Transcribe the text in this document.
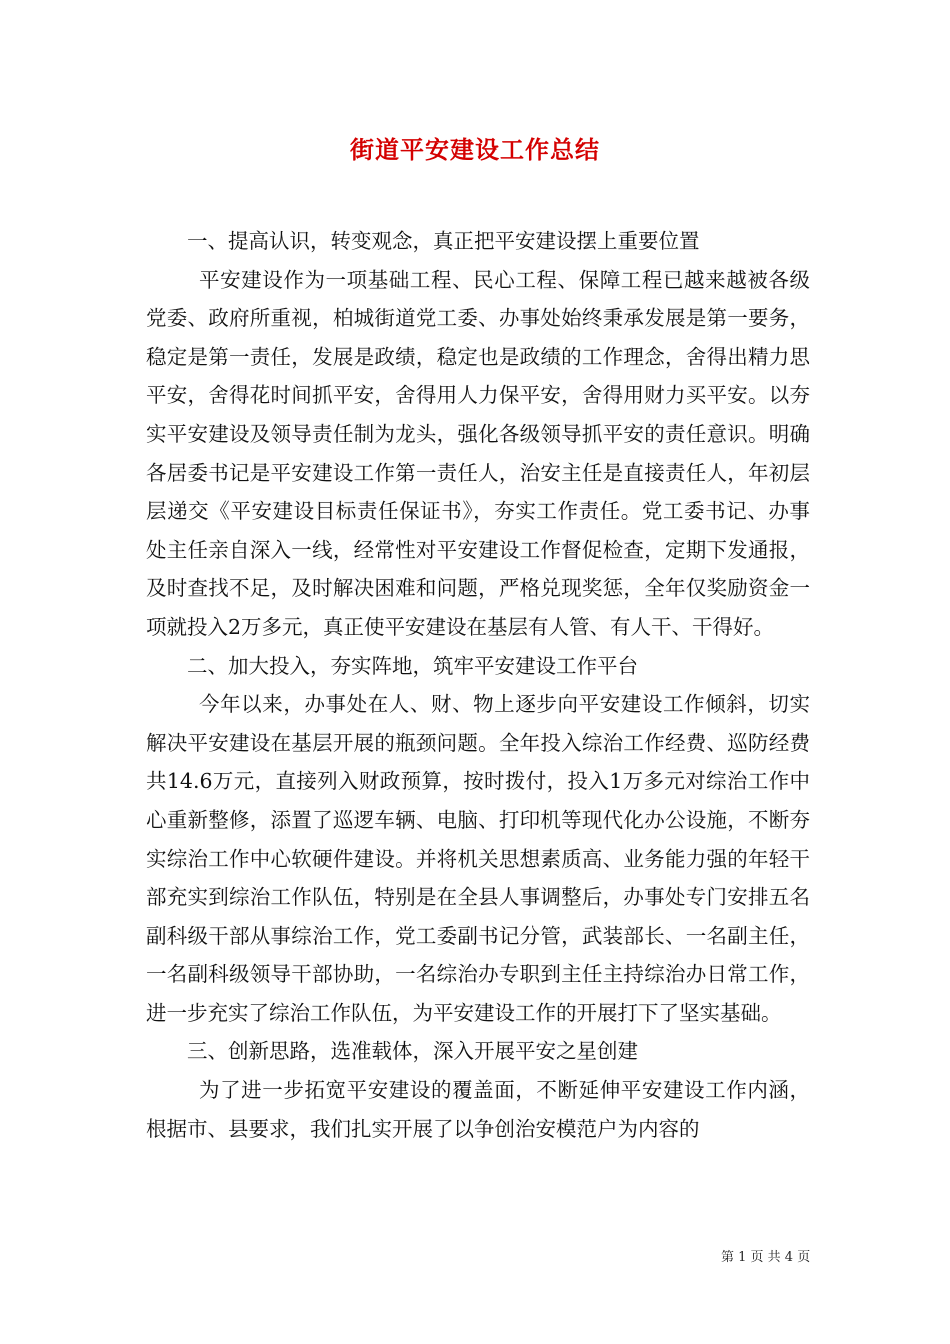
街道平安建设工作总结

一、提高认识，转变观念，真正把平安建设摆上重要位置

平安建设作为一项基础工程、民心工程、保障工程已越来越被各级党委、政府所重视，柏城街道党工委、办事处始终秉承发展是第一要务，稳定是第一责任，发展是政绩，稳定也是政绩的工作理念，舍得出精力思平安，舍得花时间抓平安，舍得用人力保平安，舍得用财力买平安。以夯实平安建设及领导责任制为龙头，强化各级领导抓平安的责任意识。明确各居委书记是平安建设工作第一责任人，治安主任是直接责任人，年初层层递交《平安建设目标责任保证书》，夯实工作责任。党工委书记、办事处主任亲自深入一线，经常性对平安建设工作督促检查，定期下发通报，及时查找不足，及时解决困难和问题，严格兑现奖惩，全年仅奖励资金一项就投入2万多元，真正使平安建设在基层有人管、有人干、干得好。

二、加大投入，夯实阵地，筑牢平安建设工作平台

今年以来，办事处在人、财、物上逐步向平安建设工作倾斜，切实解决平安建设在基层开展的瓶颈问题。全年投入综治工作经费、巡防经费共14.6万元，直接列入财政预算，按时拨付，投入1万多元对综治工作中心重新整修，添置了巡逻车辆、电脑、打印机等现代化办公设施，不断夯实综治工作中心软硬件建设。并将机关思想素质高、业务能力强的年轻干部充实到综治工作队伍，特别是在全县人事调整后，办事处专门安排五名副科级干部从事综治工作，党工委副书记分管，武装部长、一名副主任，一名副科级领导干部协助，一名综治办专职到主任主持综治办日常工作，进一步充实了综治工作队伍，为平安建设工作的开展打下了坚实基础。

三、创新思路，选准载体，深入开展平安之星创建

为了进一步拓宽平安建设的覆盖面，不断延伸平安建设工作内涵，根据市、县要求，我们扎实开展了以争创治安模范户为内容的

第 1 页 共 4 页
